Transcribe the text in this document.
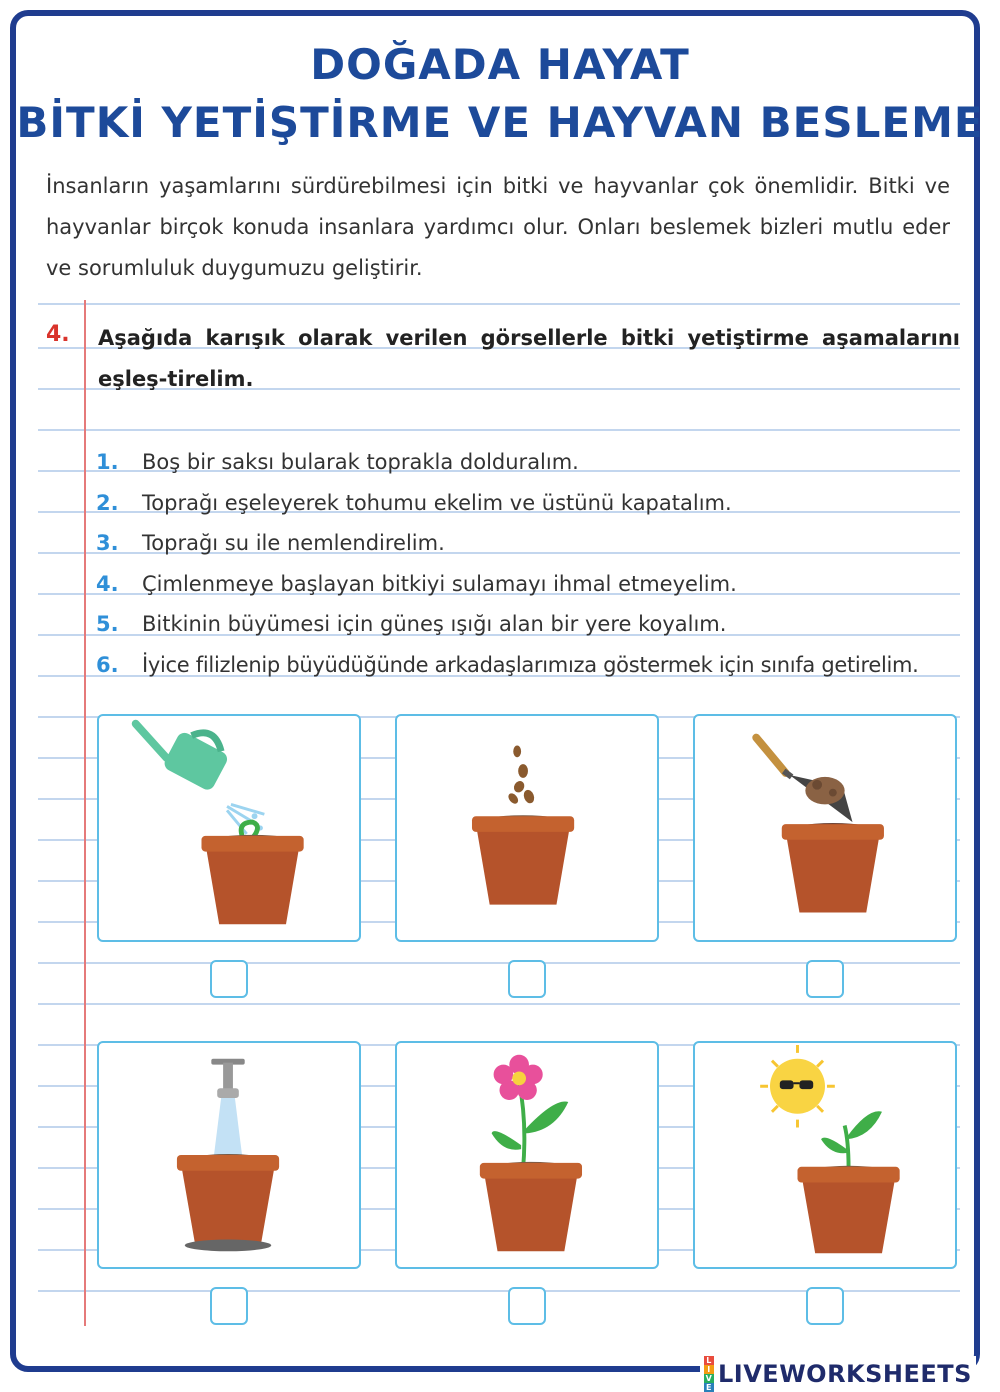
DOĞADA HAYAT
BİTKİ YETİŞTİRME VE HAYVAN BESLEME
İnsanların yaşamlarını sürdürebilmesi için bitki ve hayvanlar çok önemlidir. Bitki ve hayvanlar birçok konuda insanlara yardımcı olur. Onları beslemek bizleri mutlu eder ve sorumluluk duygumuzu geliştirir.
4. Aşağıda karışık olarak verilen görsellerle bitki yetiştirme aşamalarını eşleş-tirelim.
1.	Boş bir saksı bularak toprakla dolduralım.
2.	Toprağı eşeleyerek tohumu ekelim ve üstünü kapatalım.
3.	Toprağı su ile nemlendirelim.
4.	Çimlenmeye başlayan bitkiyi sulamayı ihmal etmeyelim.
5.	Bitkinin büyümesi için güneş ışığı alan bir yere koyalım.
6.	İyice filizlenip büyüdüğünde arkadaşlarımıza göstermek için sınıfa getirelim.
L
I
V
E LIVEWORKSHEETS
